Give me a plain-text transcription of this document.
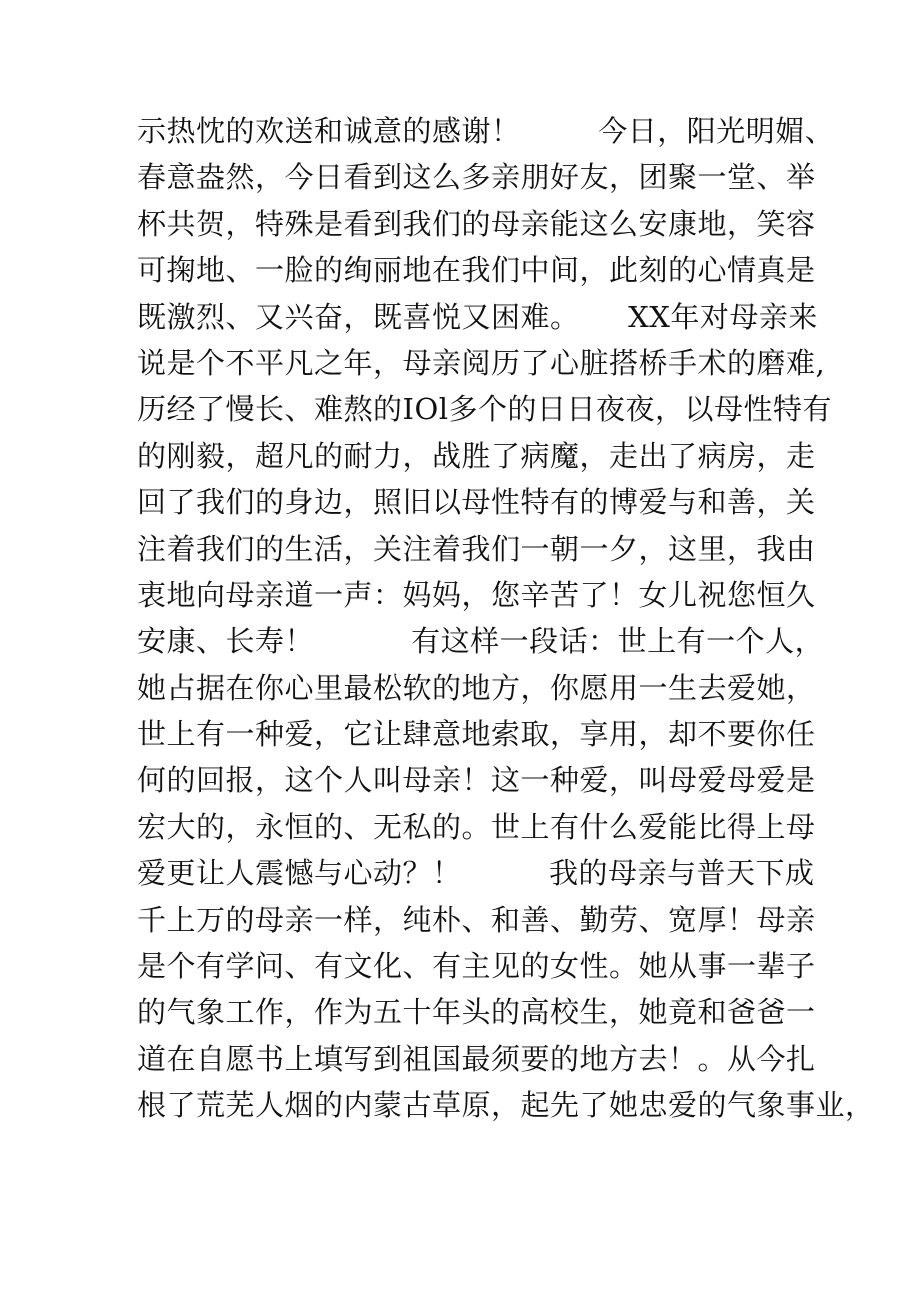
示热忱的欢送和诚意的感谢！        今日，阳光明媚、
春意盎然，今日看到这么多亲朋好友，团聚一堂、举
杯共贺，特殊是看到我们的母亲能这么安康地，笑容
可掬地、一脸的绚丽地在我们中间，此刻的心情真是
既激烈、又兴奋，既喜悦又困难。     XX年对母亲来
说是个不平凡之年，母亲阅历了心脏搭桥手术的磨难,
历经了慢长、难熬的IOl多个的日日夜夜，以母性特有
的刚毅，超凡的耐力，战胜了病魔，走出了病房，走
回了我们的身边，照旧以母性特有的博爱与和善，关
注着我们的生活，关注着我们一朝一夕，这里，我由
衷地向母亲道一声：妈妈，您辛苦了！女儿祝您恒久
安康、长寿！          有这样一段话：世上有一个人，
她占据在你心里最松软的地方，你愿用一生去爱她，
世上有一种爱，它让肆意地索取，享用，却不要你任
何的回报，这个人叫母亲！这一种爱，叫母爱母爱是
宏大的，永恒的、无私的。世上有什么爱能比得上母
爱更让人震憾与心动？！         我的母亲与普天下成
千上万的母亲一样，纯朴、和善、勤劳、宽厚！母亲
是个有学问、有文化、有主见的女性。她从事一辈子
的气象工作，作为五十年头的高校生，她竟和爸爸一
道在自愿书上填写到祖国最须要的地方去！。从今扎
根了荒芜人烟的内蒙古草原，起先了她忠爱的气象事业，
